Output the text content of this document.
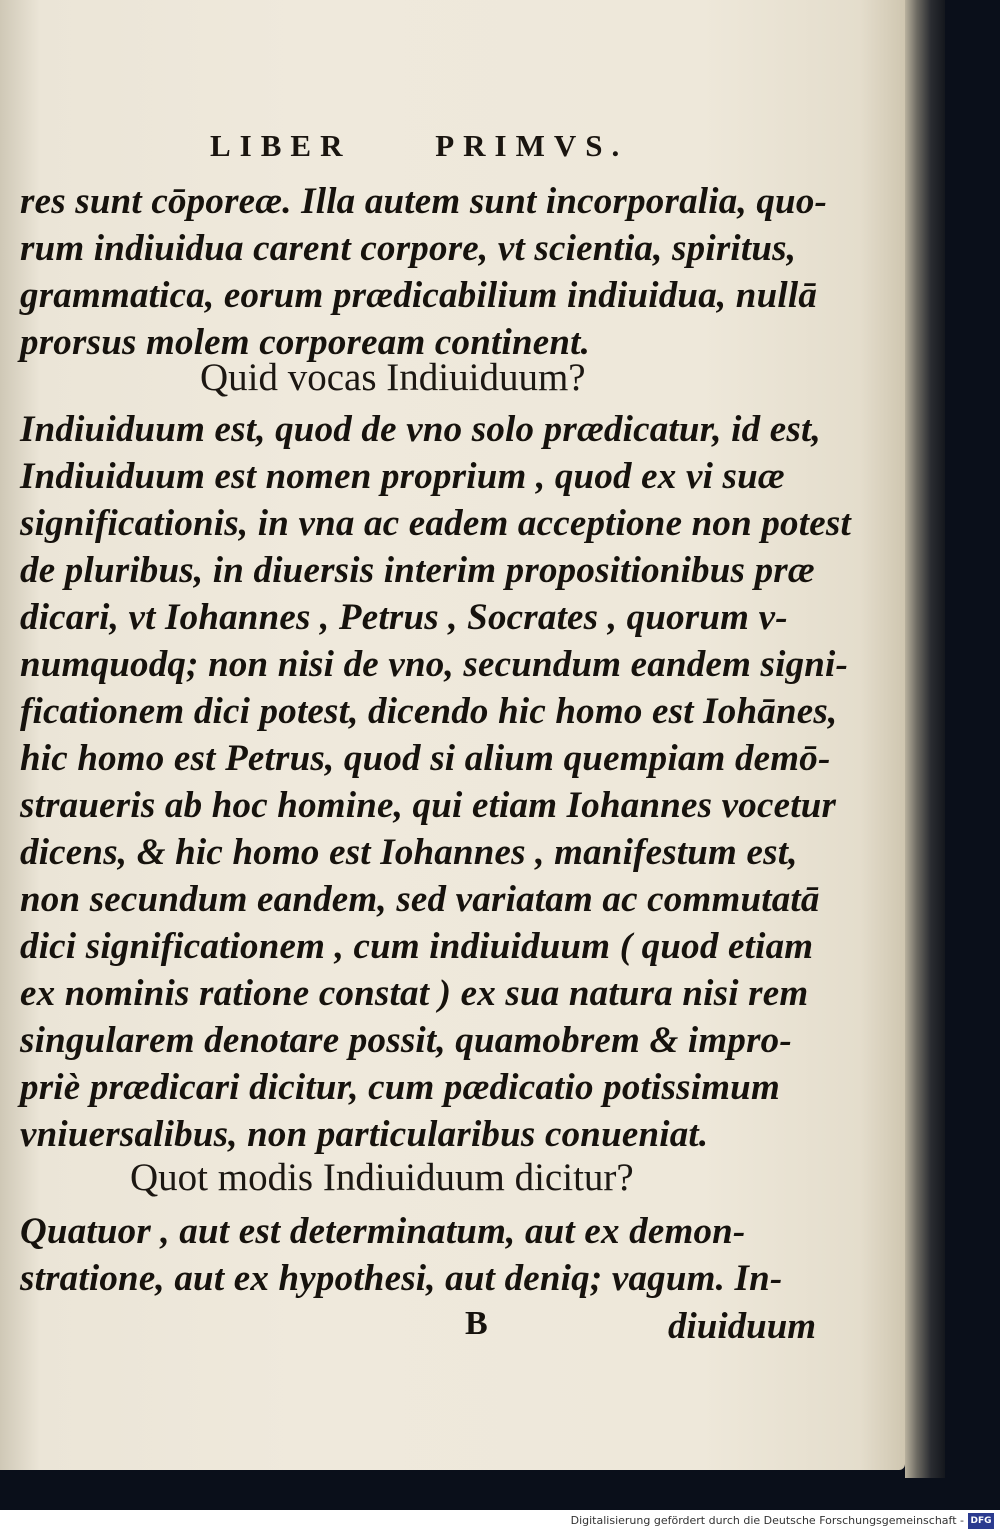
LIBER     PRIMVS.
res sunt cōporeæ. Illa autem sunt incorporalia, quo-
rum indiuidua carent corpore, vt scientia, spiritus,
grammatica, eorum prædicabilium indiuidua, nullā
prorsus molem corpoream continent.
Quid vocas Indiuiduum?
Indiuiduum est, quod de vno solo prædicatur, id est,
Indiuiduum est nomen proprium , quod ex vi suæ
significationis, in vna ac eadem acceptione non potest
de pluribus, in diuersis interim propositionibus præ
dicari, vt Iohannes , Petrus , Socrates , quorum v-
numquodq; non nisi de vno, secundum eandem signi-
ficationem dici potest, dicendo hic homo est Iohānes,
hic homo est Petrus, quod si alium quempiam demō-
straueris ab hoc homine, qui etiam Iohannes vocetur
dicens, & hic homo est Iohannes , manifestum est,
non secundum eandem, sed variatam ac commutatā
dici significationem , cum indiuiduum ( quod etiam
ex nominis ratione constat ) ex sua natura nisi rem
singularem denotare possit, quamobrem & impro-
priè prædicari dicitur, cum pædicatio potissimum
vniuersalibus, non particularibus conueniat.
Quot modis Indiuiduum dicitur?
Quatuor , aut est determinatum, aut ex demon-
stratione, aut ex hypothesi, aut deniq; vagum. In-
B	diuiduum
Digitalisierung gefördert durch die Deutsche Forschungsgemeinschaft - DFG
